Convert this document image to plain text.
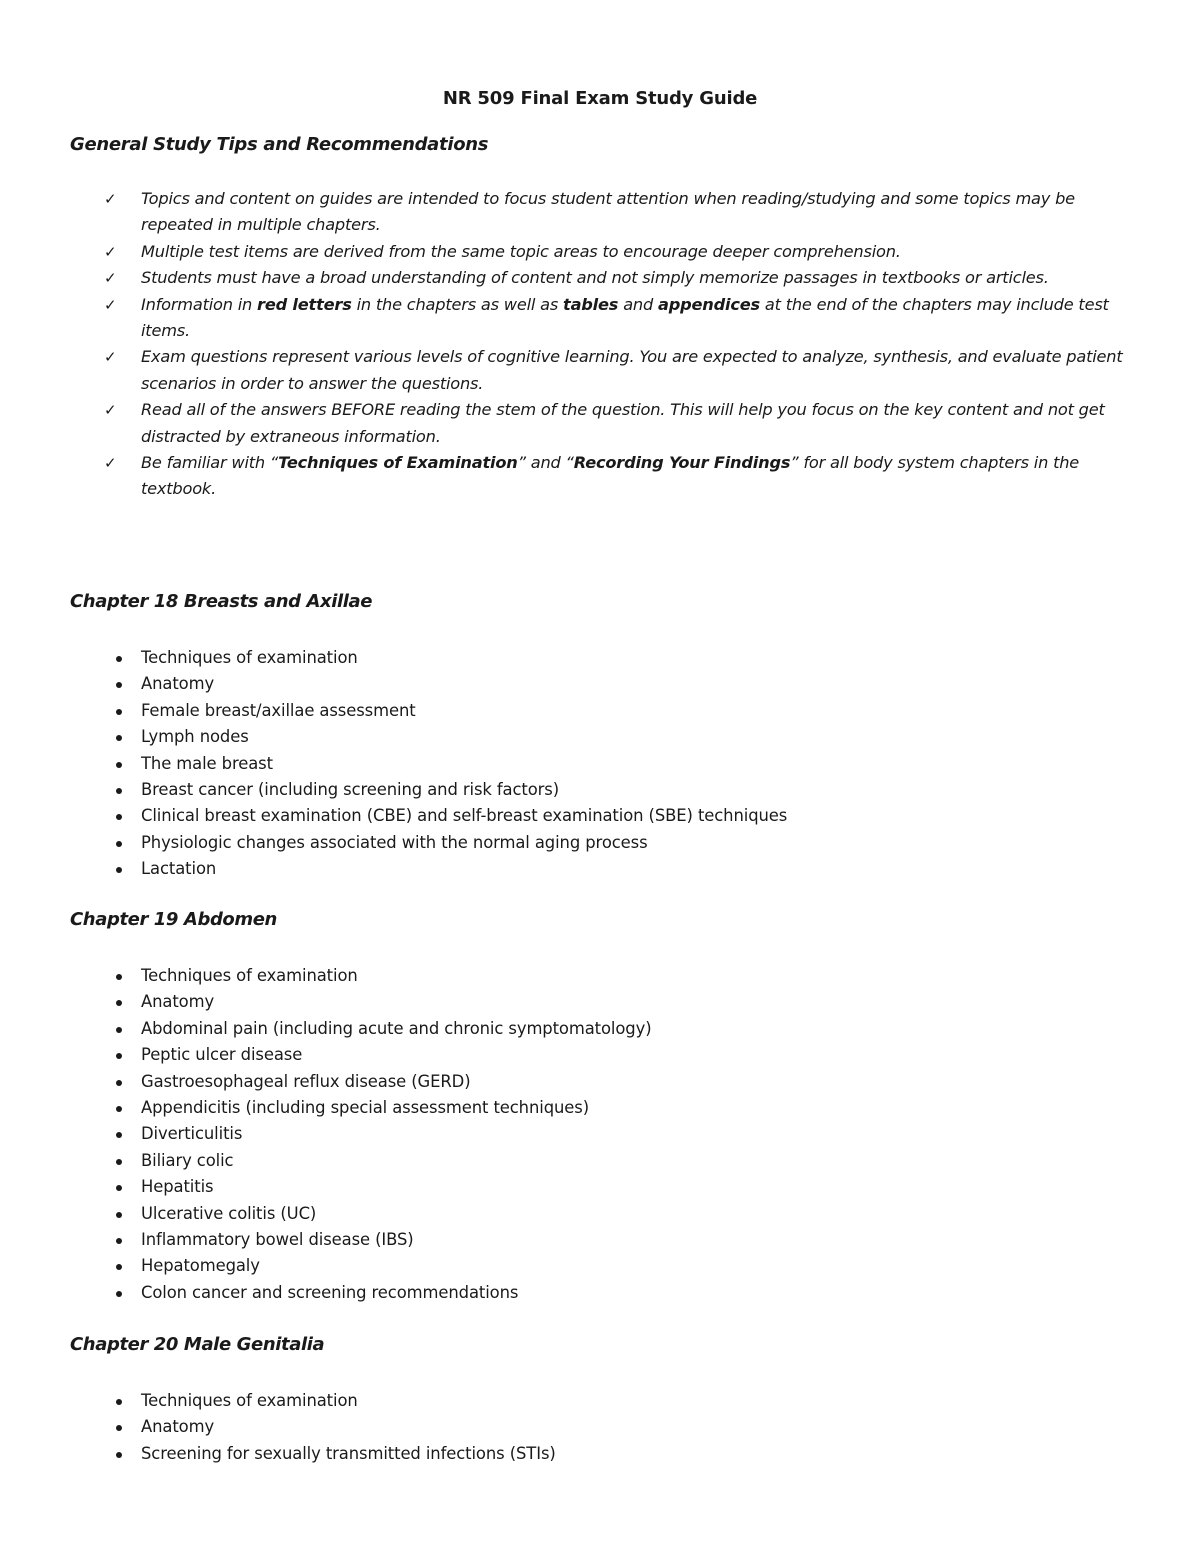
NR 509 Final Exam Study Guide
General Study Tips and Recommendations
✓ Topics and content on guides are intended to focus student attention when reading/studying and some topics may be repeated in multiple chapters.
✓ Multiple test items are derived from the same topic areas to encourage deeper comprehension.
✓ Students must have a broad understanding of content and not simply memorize passages in textbooks or articles.
✓ Information in red letters in the chapters as well as tables and appendices at the end of the chapters may include test items.
✓ Exam questions represent various levels of cognitive learning. You are expected to analyze, synthesis, and evaluate patient scenarios in order to answer the questions.
✓ Read all of the answers BEFORE reading the stem of the question. This will help you focus on the key content and not get distracted by extraneous information.
✓ Be familiar with “Techniques of Examination” and “Recording Your Findings” for all body system chapters in the textbook.
Chapter 18 Breasts and Axillae
Techniques of examination
Anatomy
Female breast/axillae assessment
Lymph nodes
The male breast
Breast cancer (including screening and risk factors)
Clinical breast examination (CBE) and self-breast examination (SBE) techniques
Physiologic changes associated with the normal aging process
Lactation
Chapter 19 Abdomen
Techniques of examination
Anatomy
Abdominal pain (including acute and chronic symptomatology)
Peptic ulcer disease
Gastroesophageal reflux disease (GERD)
Appendicitis (including special assessment techniques)
Diverticulitis
Biliary colic
Hepatitis
Ulcerative colitis (UC)
Inflammatory bowel disease (IBS)
Hepatomegaly
Colon cancer and screening recommendations
Chapter 20 Male Genitalia
Techniques of examination
Anatomy
Screening for sexually transmitted infections (STIs)
